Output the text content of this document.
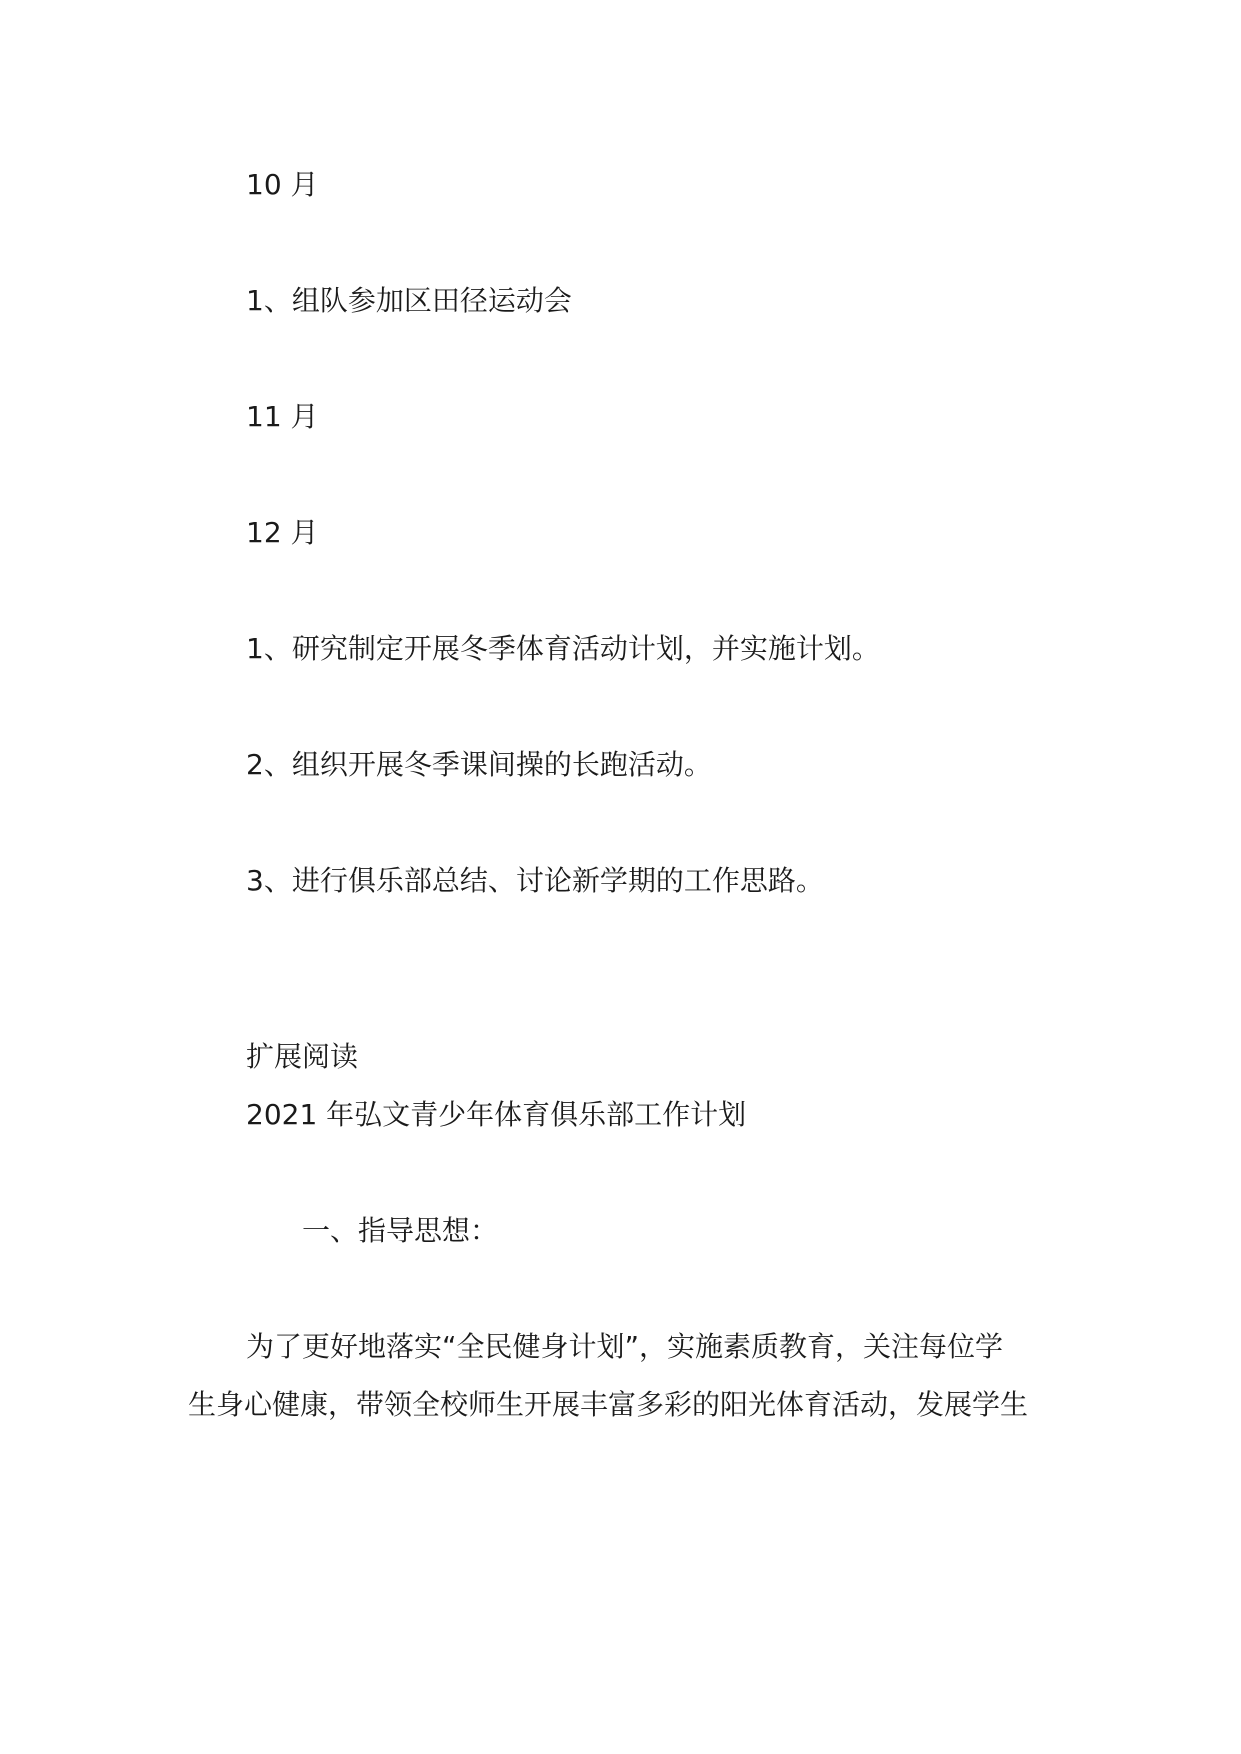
10 月

1、组队参加区田径运动会

11 月

12 月

1、研究制定开展冬季体育活动计划，并实施计划。

2、组织开展冬季课间操的长跑活动。

3、进行俱乐部总结、讨论新学期的工作思路。

扩展阅读

2021 年弘文青少年体育俱乐部工作计划

一、指导思想：

为了更好地落实“全民健身计划”，实施素质教育，关注每位学
生身心健康，带领全校师生开展丰富多彩的阳光体育活动，发展学生
